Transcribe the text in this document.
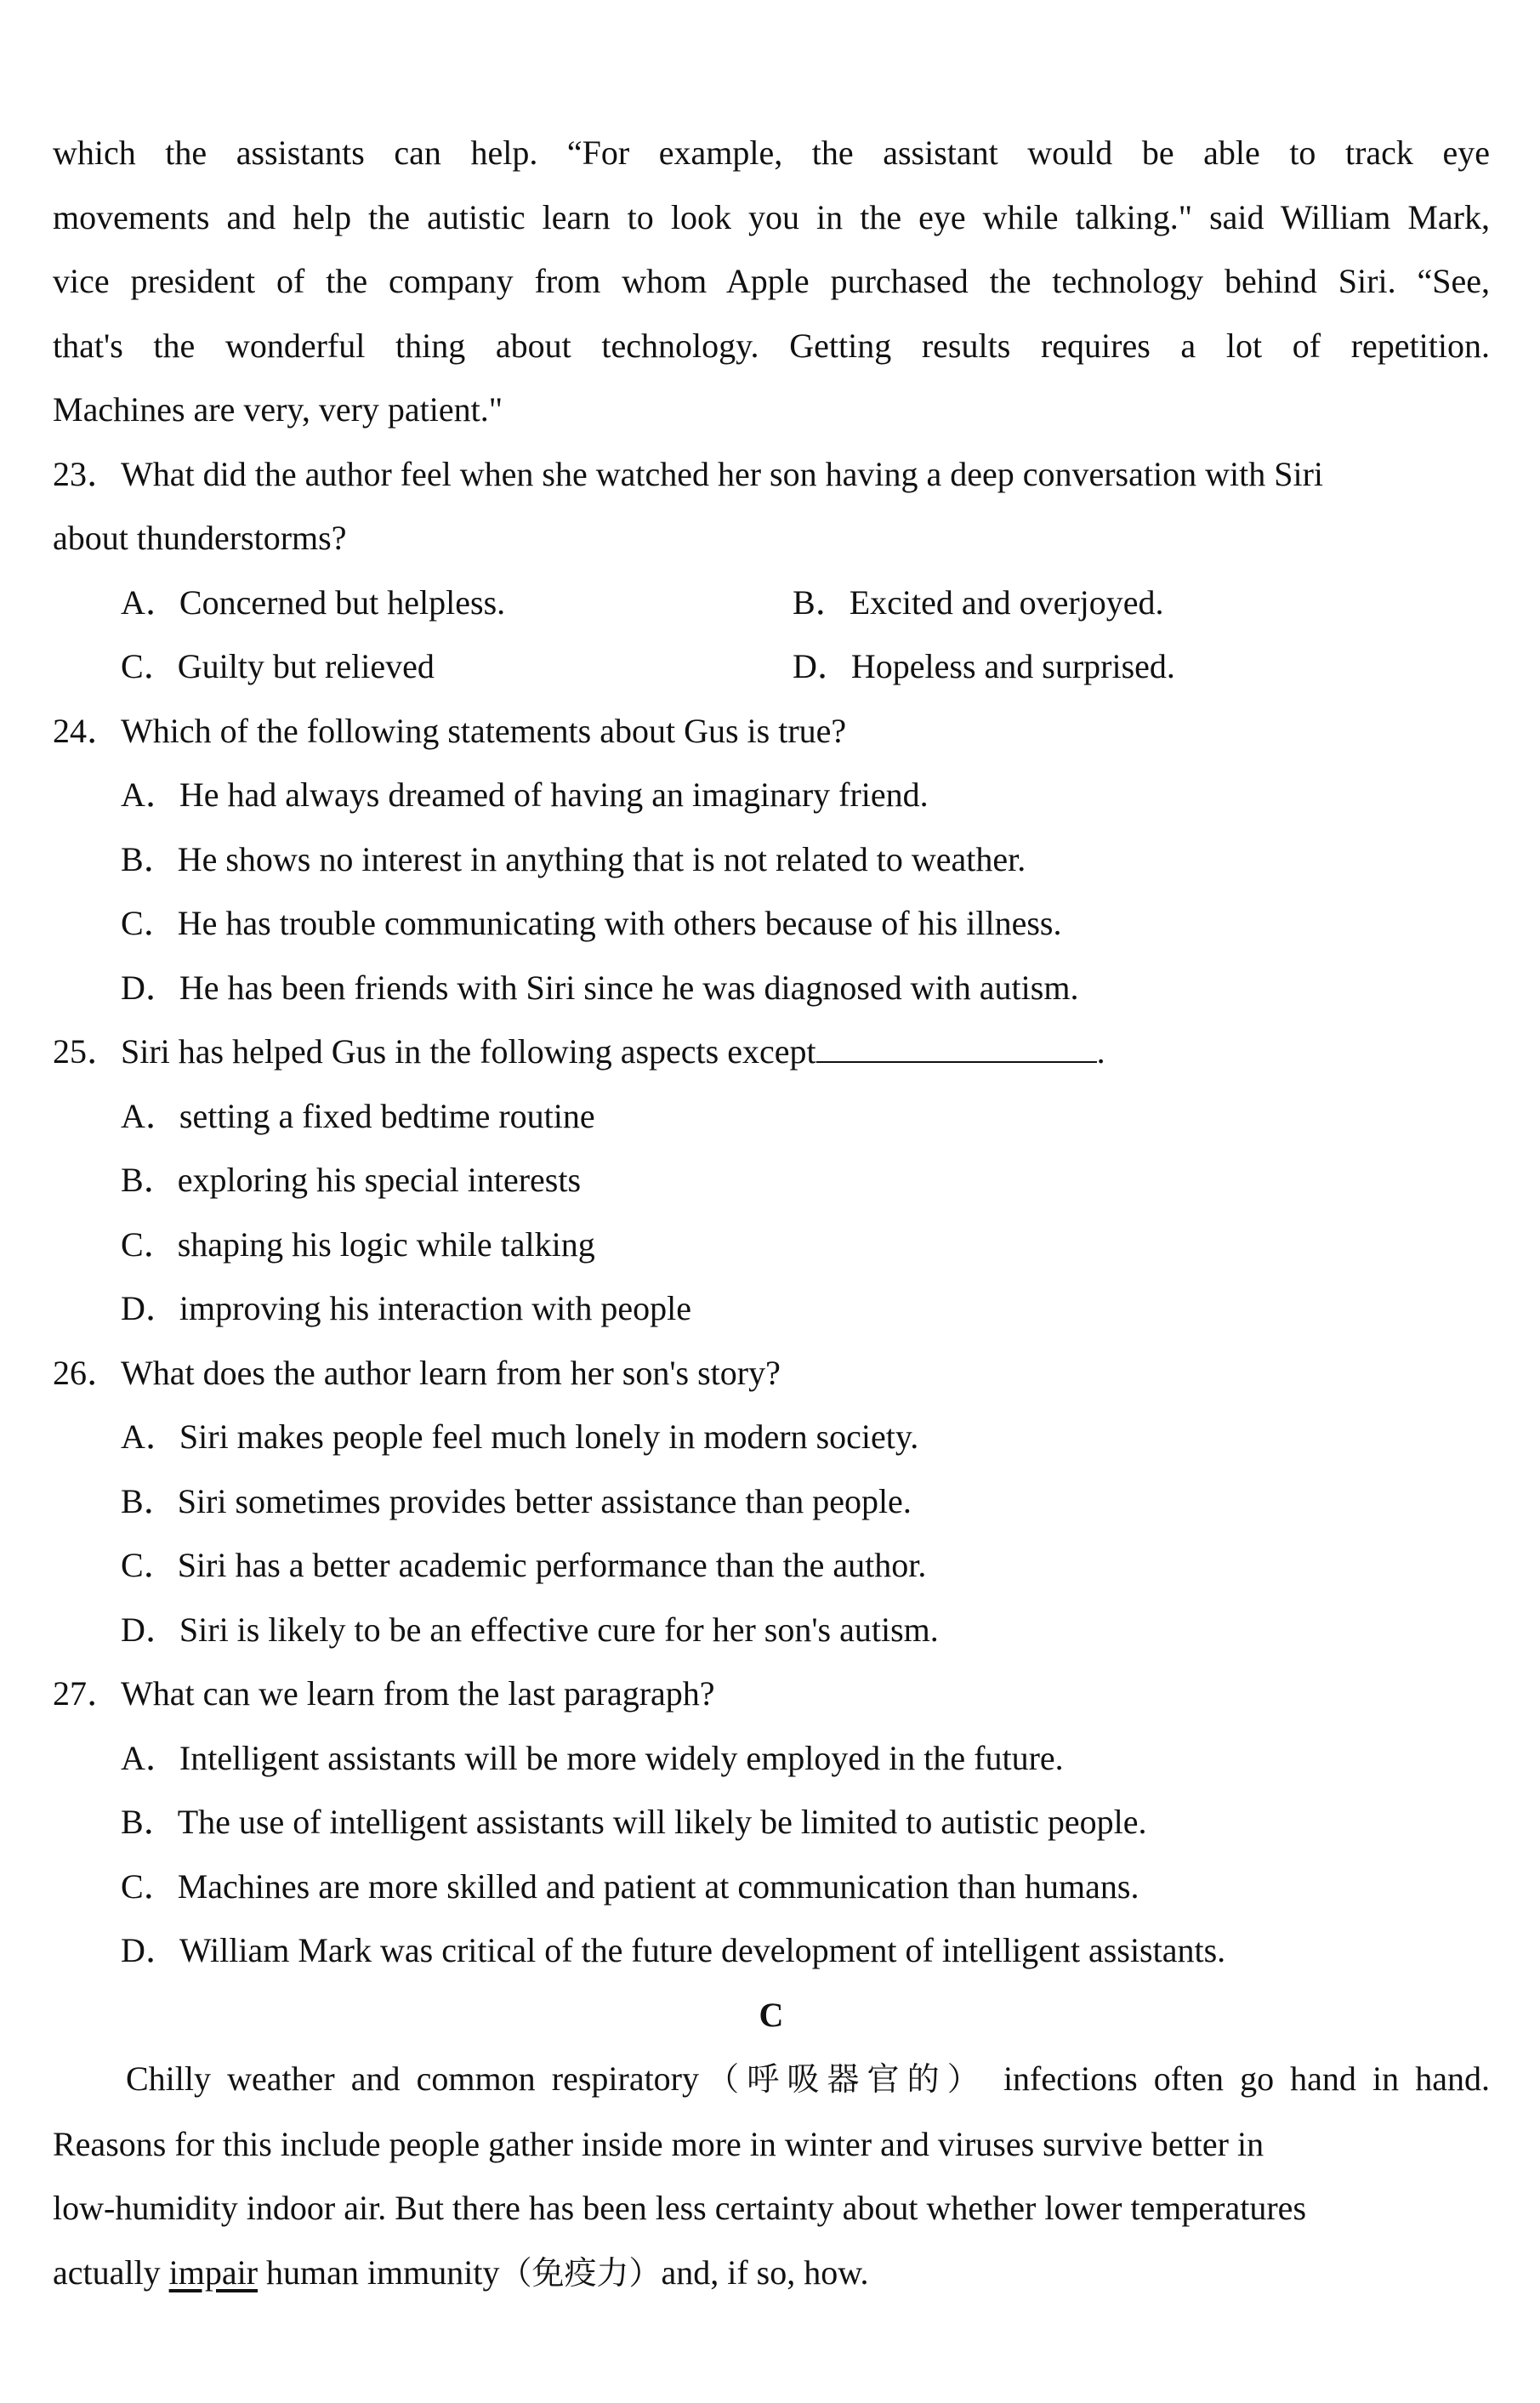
which the assistants can help. “For example, the assistant would be able to track eye
movements and help the autistic learn to look you in the eye while talking." said William Mark,
vice president of the company from whom Apple purchased the technology behind Siri. “See,
that's the wonderful thing about technology. Getting results requires a lot of repetition.
Machines are very, very patient."
23．What did the author feel when she watched her son having a deep conversation with Siri
about thunderstorms?
A．Concerned but helpless.	B．Excited and overjoyed.
C．Guilty but relieved	D．Hopeless and surprised.
24．Which of the following statements about Gus is true?
A．He had always dreamed of having an imaginary friend.
B．He shows no interest in anything that is not related to weather.
C．He has trouble communicating with others because of his illness.
D．He has been friends with Siri since he was diagnosed with autism.
25．Siri has helped Gus in the following aspects except	.
A．setting a fixed bedtime routine
B．exploring his special interests
C．shaping his logic while talking
D．improving his interaction with people
26．What does the author learn from her son's story?
A．Siri makes people feel much lonely in modern society.
B．Siri sometimes provides better assistance than people.
C．Siri has a better academic performance than the author.
D．Siri is likely to be an effective cure for her son's autism.
27．What can we learn from the last paragraph?
A．Intelligent assistants will be more widely employed in the future.
B．The use of intelligent assistants will likely be limited to autistic people.
C．Machines are more skilled and patient at communication than humans.
D．William Mark was critical of the future development of intelligent assistants.
C
Chilly weather and common respiratory（呼吸器官的） infections often go hand in hand.
Reasons for this include people gather inside more in winter and viruses survive better in
low-humidity indoor air. But there has been less certainty about whether lower temperatures
actually impair human immunity（免疫力）and, if so, how.
